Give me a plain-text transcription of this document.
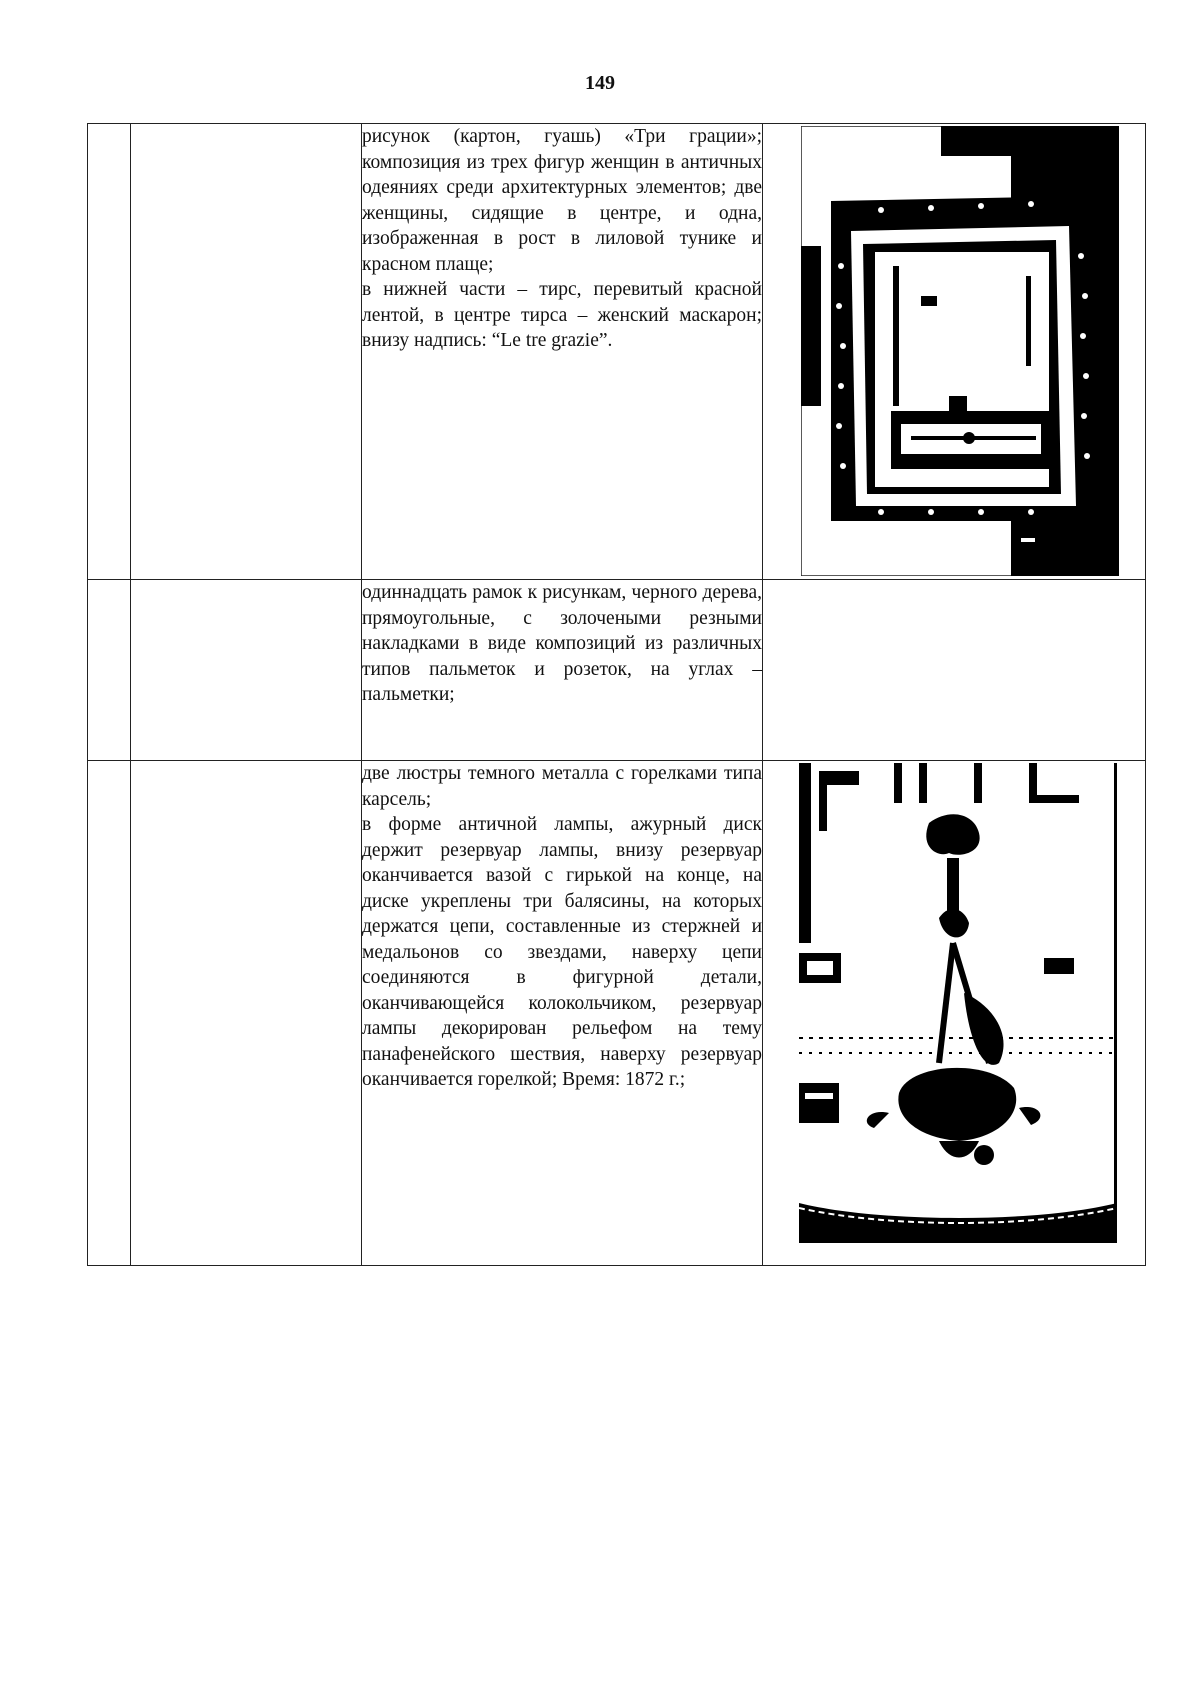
149

		рисунок (картон, гуашь) «Три грации»; композиция из трех фигур женщин в античных одеяниях среди архитектурных элементов; две женщины, сидящие в центре, и одна, изображенная в рост в лиловой тунике и красном плаще;

в нижней части – тирс, перевитый красной лентой, в центре тирса – женский маскарон; внизу надпись: “Le tre grazie”.

		одиннадцать рамок к рисункам, черного дерева, прямоугольные, с золочеными резными накладками в виде композиций из различных типов пальметок и розеток, на углах – пальметки;	

		две люстры темного металла с горелками типа карсель;

в форме античной лампы, ажурный диск держит резервуар лампы, внизу резервуар оканчивается вазой с гирькой на конце, на диске укреплены три балясины, на которых держатся цепи, составленные из стержней и медальонов со звездами, наверху цепи соединяются в фигурной детали, оканчивающейся колокольчиком, резервуар лампы декорирован рельефом на тему панафенейского шествия, наверху резервуар оканчивается горелкой; Время: 1872 г.;
